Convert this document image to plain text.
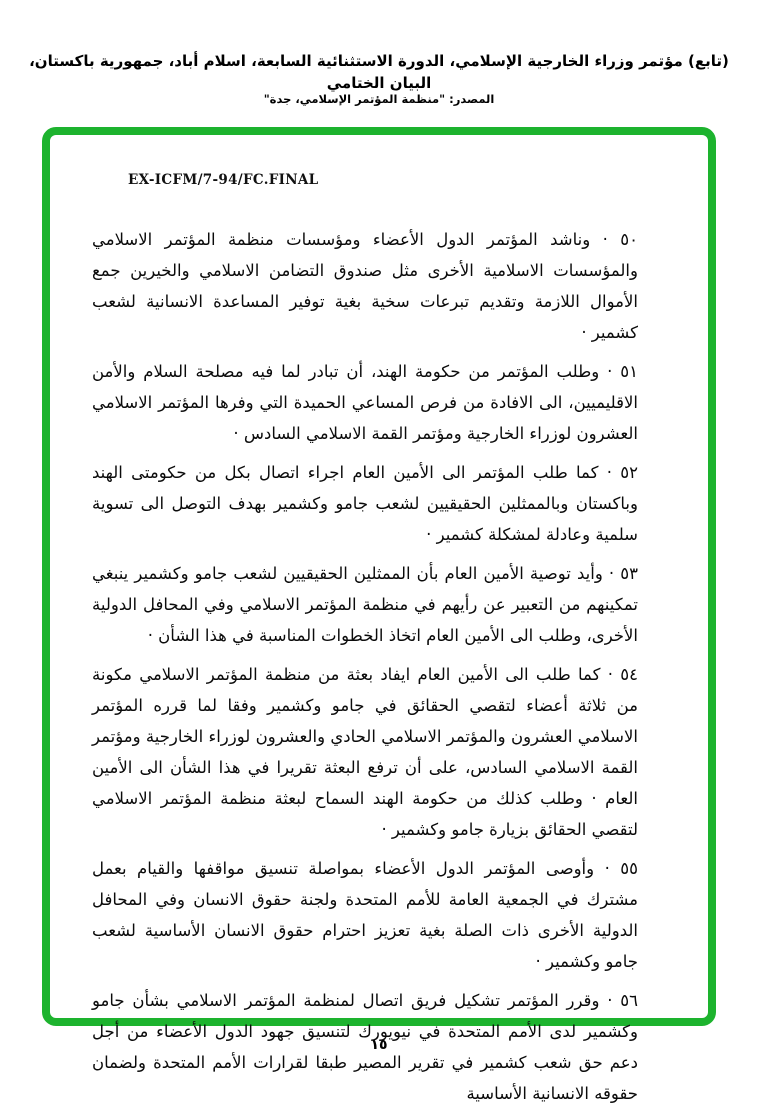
(تابع) مؤتمر وزراء الخارجية الإسلامي، الدورة الاستثنائية السابعة، اسلام أباد، جمهورية باكستان، البيان الختامي
المصدر: "منظمة المؤتمر الإسلامي، جدة"
EX-ICFM/7-94/FC.FINAL
٥٠ · وناشد المؤتمر الدول الأعضاء ومؤسسات منظمة المؤتمر الاسلامي والمؤسسات الاسلامية الأخرى مثل صندوق التضامن الاسلامي والخيرين جمع الأموال اللازمة وتقديم تبرعات سخية بغية توفير المساعدة الانسانية لشعب كشمير ·
٥١ · وطلب المؤتمر من حكومة الهند، أن تبادر لما فيه مصلحة السلام والأمن الاقليميين، الى الافادة من فرص المساعي الحميدة التي وفرها المؤتمر الاسلامي العشرون لوزراء الخارجية ومؤتمر القمة الاسلامي السادس ·
٥٢ · كما طلب المؤتمر الى الأمين العام اجراء اتصال بكل من حكومتى الهند وباكستان وبالممثلين الحقيقيين لشعب جامو وكشمير بهدف التوصل الى تسوية سلمية وعادلة لمشكلة كشمير ·
٥٣ · وأيد توصية الأمين العام بأن الممثلين الحقيقيين لشعب جامو وكشمير ينبغي تمكينهم من التعبير عن رأيهم في منظمة المؤتمر الاسلامي وفي المحافل الدولية الأخرى، وطلب الى الأمين العام اتخاذ الخطوات المناسبة في هذا الشأن ·
٥٤ · كما طلب الى الأمين العام ايفاد بعثة من منظمة المؤتمر الاسلامي مكونة من ثلاثة أعضاء لتقصي الحقائق في جامو وكشمير وفقا لما قرره المؤتمر الاسلامي العشرون والمؤتمر الاسلامي الحادي والعشرون لوزراء الخارجية ومؤتمر القمة الاسلامي السادس، على أن ترفع البعثة تقريرا في هذا الشأن الى الأمين العام · وطلب كذلك من حكومة الهند السماح لبعثة منظمة المؤتمر الاسلامي لتقصي الحقائق بزيارة جامو وكشمير ·
٥٥ · وأوصى المؤتمر الدول الأعضاء بمواصلة تنسيق مواقفها والقيام بعمل مشترك في الجمعية العامة للأمم المتحدة ولجنة حقوق الانسان وفي المحافل الدولية الأخرى ذات الصلة بغية تعزيز احترام حقوق الانسان الأساسية لشعب جامو وكشمير ·
٥٦ · وقرر المؤتمر تشكيل فريق اتصال لمنظمة المؤتمر الاسلامي بشأن جامو وكشمير لدى الأمم المتحدة في نيويورك لتنسيق جهود الدول الأعضاء من أجل دعم حق شعب كشمير في تقرير المصير طبقا لقرارات الأمم المتحدة ولضمان حقوقه الانسانية الأساسية
١٥
